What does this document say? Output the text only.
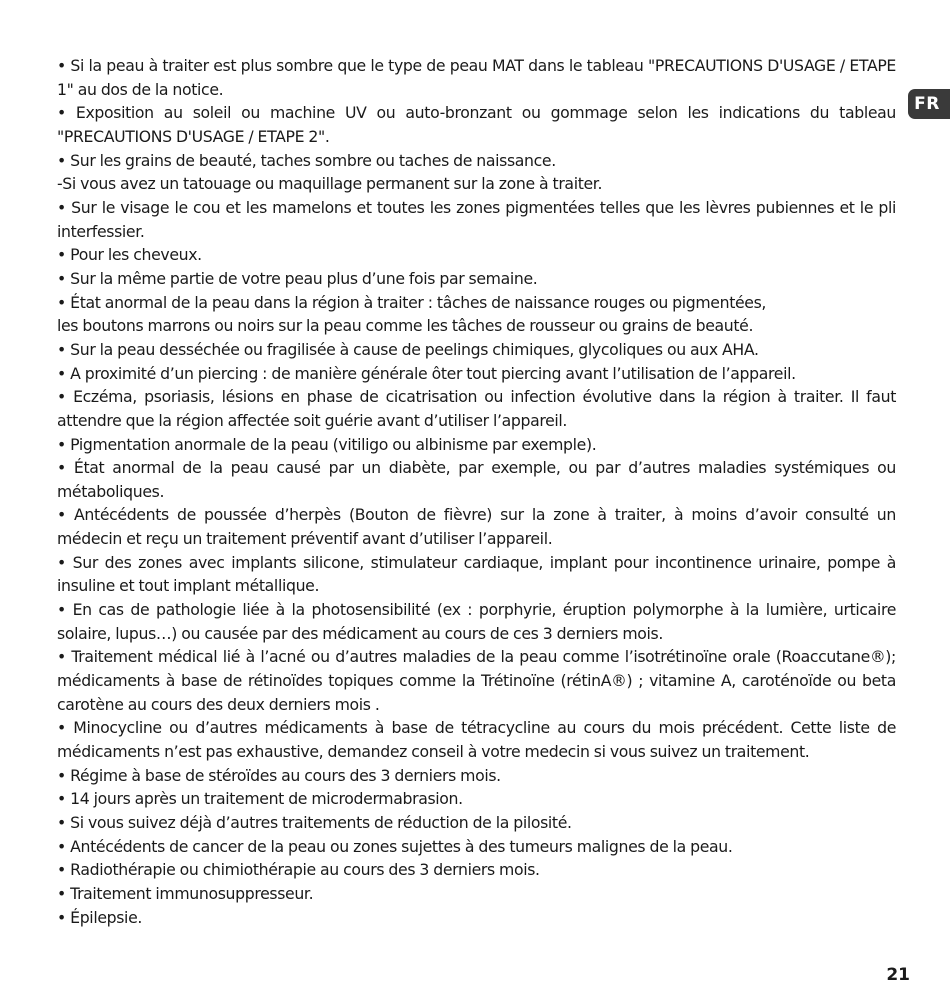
FR

• Si la peau à traiter est plus sombre que le type de peau MAT dans le tableau "PRECAUTIONS D'USAGE / ETAPE 1" au dos de la notice.

• Exposition au soleil ou machine UV ou auto-bronzant ou gommage selon les indications du tableau "PRECAUTIONS D'USAGE / ETAPE 2".

• Sur les grains de beauté, taches sombre ou taches de naissance.

-Si vous avez un tatouage ou maquillage permanent sur la zone à traiter.

• Sur le visage le cou et les mamelons et toutes les zones pigmentées telles que les lèvres pubiennes et le pli interfessier.

• Pour les cheveux.

• Sur la même partie de votre peau plus d’une fois par semaine.

• État anormal de la peau dans la région à traiter : tâches de naissance rouges ou pigmentées,

les boutons marrons ou noirs sur la peau comme les tâches de rousseur ou grains de beauté.

• Sur la peau desséchée ou fragilisée à cause de peelings chimiques, glycoliques ou aux AHA.

• A proximité d’un piercing : de manière générale ôter tout piercing avant l’utilisation de l’appareil.

• Eczéma, psoriasis, lésions en phase de cicatrisation ou infection évolutive dans la région à traiter. Il faut attendre que la région affectée soit guérie avant d’utiliser l’appareil.

• Pigmentation anormale de la peau (vitiligo ou albinisme par exemple).

• État anormal de la peau causé par un diabète, par exemple, ou par d’autres maladies systémiques ou métaboliques.

• Antécédents de poussée d’herpès (Bouton de fièvre) sur la zone à traiter, à moins d’avoir consulté un médecin et reçu un traitement préventif avant d’utiliser l’appareil.

• Sur des zones avec implants silicone, stimulateur cardiaque, implant pour incontinence urinaire, pompe à insuline et tout implant métallique.

• En cas de pathologie liée à la photosensibilité (ex : porphyrie, éruption polymorphe à la lumière, urticaire solaire, lupus…) ou causée par des médicament au cours de ces 3 derniers mois.

• Traitement médical lié à l’acné ou d’autres maladies de la peau comme l’isotrétinoïne orale (Roaccutane®); médicaments à base de rétinoïdes topiques comme la Trétinoïne (rétinA®) ; vitamine A, caroténoïde ou beta carotène au cours des deux derniers mois .

• Minocycline ou d’autres médicaments à base de tétracycline au cours du mois précédent. Cette liste de médicaments n’est pas exhaustive, demandez conseil à votre medecin si vous suivez un traitement.

• Régime à base de stéroïdes au cours des 3 derniers mois.

• 14 jours après un traitement de microdermabrasion.

• Si vous suivez déjà d’autres traitements de réduction de la pilosité.

• Antécédents de cancer de la peau ou zones sujettes à des tumeurs malignes de la peau.

• Radiothérapie ou chimiothérapie au cours des 3 derniers mois.

• Traitement immunosuppresseur.

• Épilepsie.

21
